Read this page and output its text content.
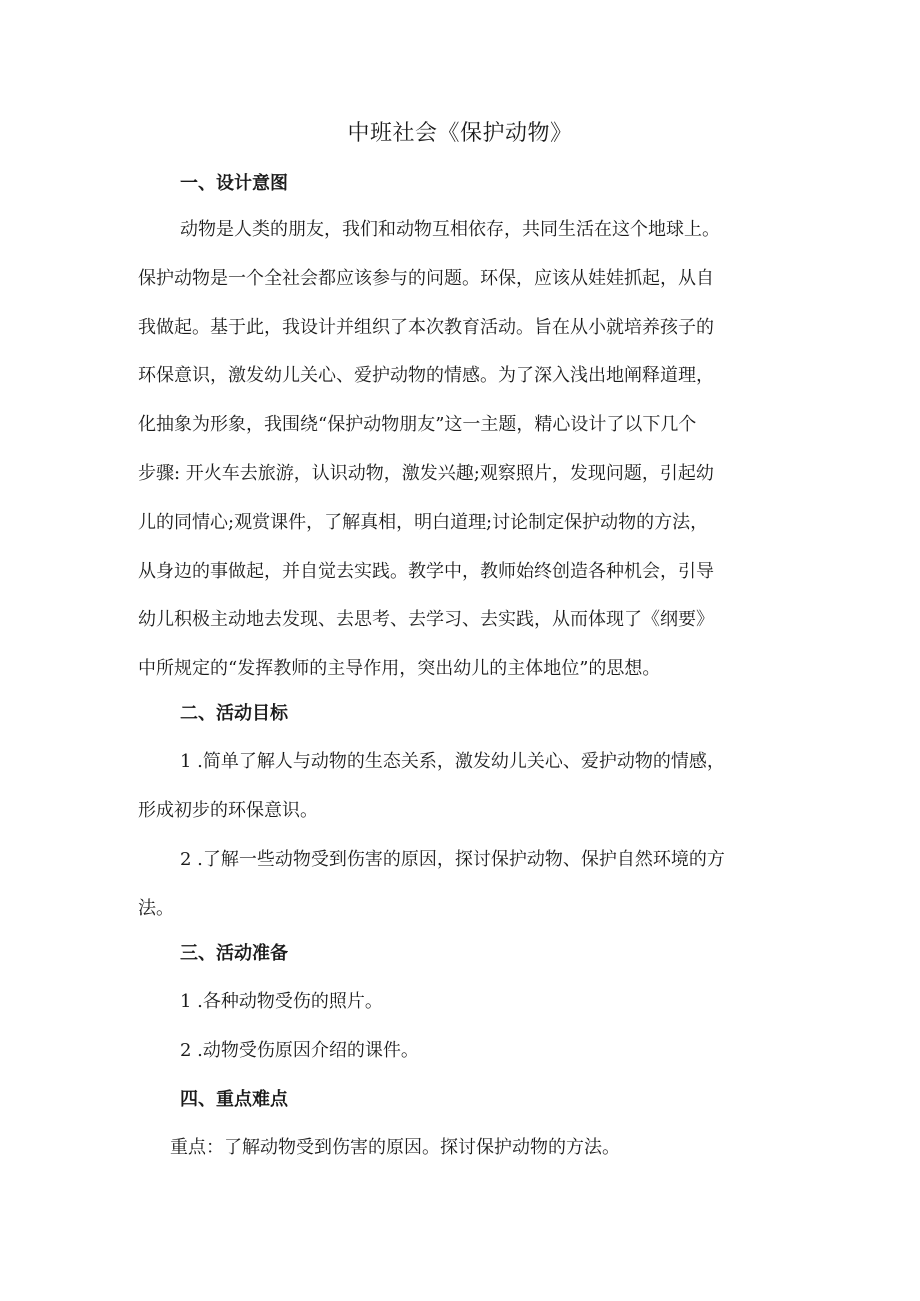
中班社会《保护动物》
一、设计意图
动物是人类的朋友，我们和动物互相依存，共同生活在这个地球上。
保护动物是一个全社会都应该参与的问题。环保，应该从娃娃抓起，从自
我做起。基于此，我设计并组织了本次教育活动。旨在从小就培养孩子的
环保意识，激发幼儿关心、爱护动物的情感。为了深入浅出地阐释道理，
化抽象为形象，我围绕“保护动物朋友”这一主题，精心设计了以下几个
步骤: 开火车去旅游，认识动物，激发兴趣;观察照片，发现问题，引起幼
儿的同情心;观赏课件，了解真相，明白道理;讨论制定保护动物的方法，
从身边的事做起，并自觉去实践。教学中，教师始终创造各种机会，引导
幼儿积极主动地去发现、去思考、去学习、去实践，从而体现了《纲要》
中所规定的“发挥教师的主导作用，突出幼儿的主体地位”的思想。
二、活动目标
1 .简单了解人与动物的生态关系，激发幼儿关心、爱护动物的情感，
形成初步的环保意识。
2 .了解一些动物受到伤害的原因，探讨保护动物、保护自然环境的方
法。
三、活动准备
1 .各种动物受伤的照片。
2 .动物受伤原因介绍的课件。
四、重点难点
重点：了解动物受到伤害的原因。探讨保护动物的方法。
